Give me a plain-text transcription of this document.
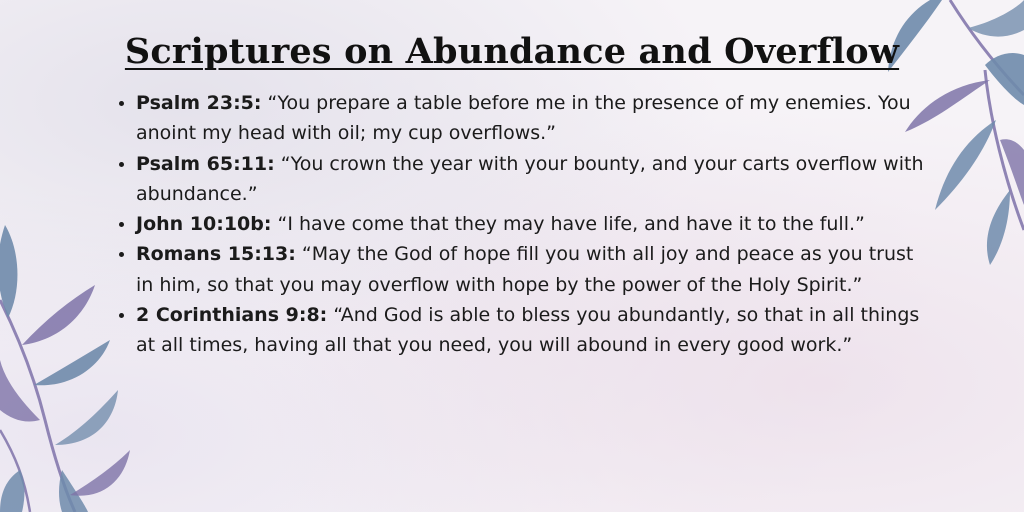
Scriptures on Abundance and Overflow
• Psalm 23:5: “You prepare a table before me in the presence of my enemies. You anoint my head with oil; my cup overflows.”
• Psalm 65:11: “You crown the year with your bounty, and your carts overflow with abundance.”
• John 10:10b: “I have come that they may have life, and have it to the full.”
• Romans 15:13: “May the God of hope fill you with all joy and peace as you trust in him, so that you may overflow with hope by the power of the Holy Spirit.”
• 2 Corinthians 9:8: “And God is able to bless you abundantly, so that in all things at all times, having all that you need, you will abound in every good work.”
